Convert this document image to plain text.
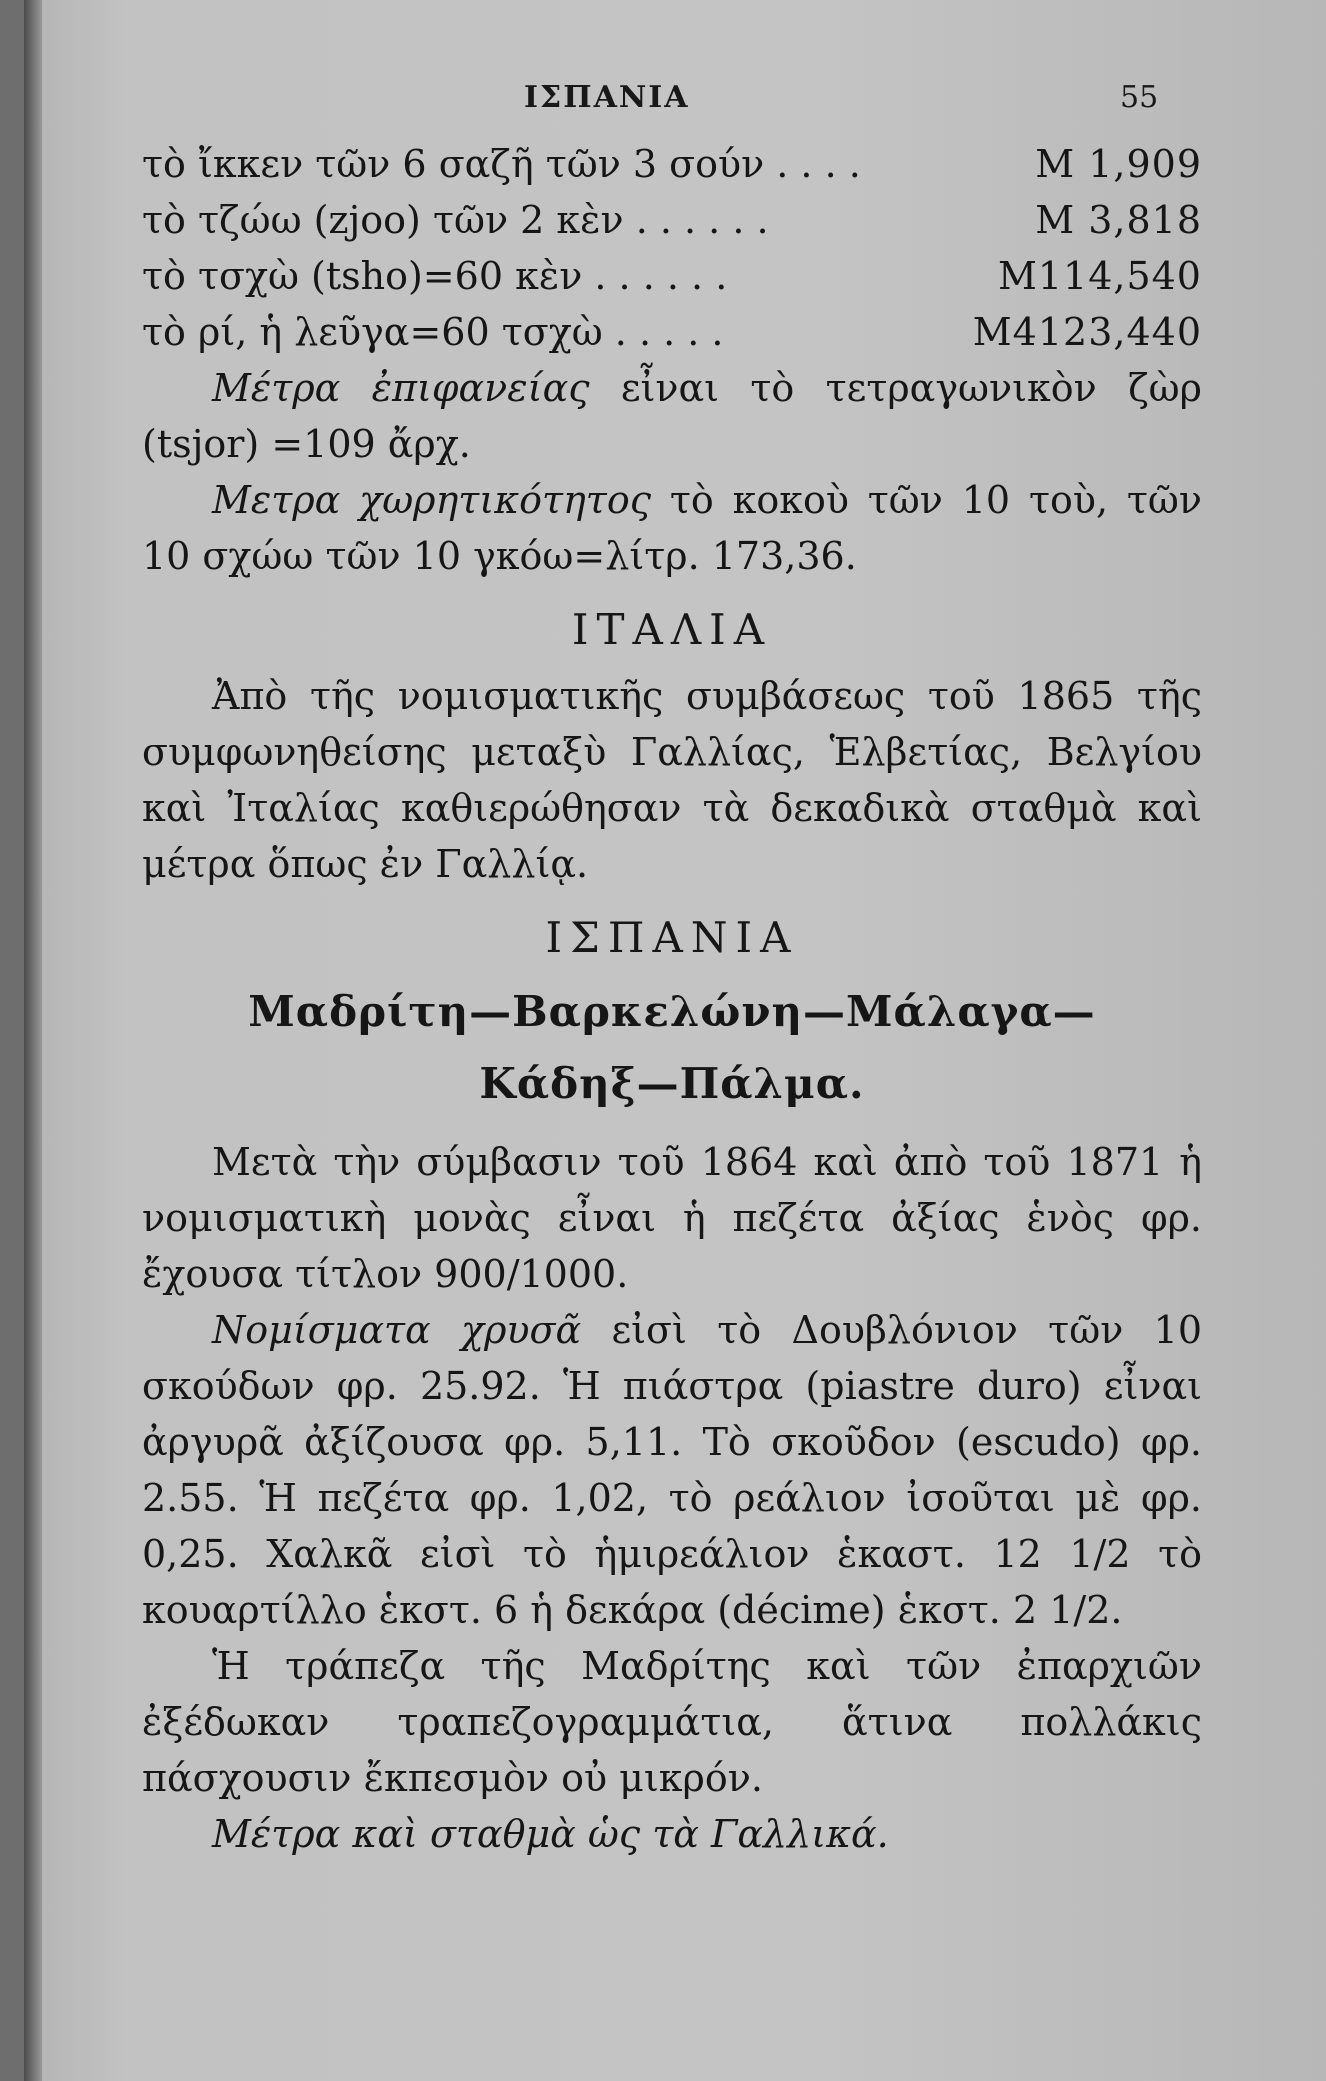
ΙΣΠΑΝΙΑ	55
τὸ ἴκκεν τῶν 6 σαζῆ τῶν 3 σούν . . . .	Μ 1,909
τὸ τζώω (zjoo) τῶν 2 κὲν . . . . . .	Μ 3,818
τὸ τσχὼ (tsho)=60 κὲν . . . . . .	Μ114,540
τὸ ρί, ἡ λεῦγα=60 τσχὼ . . . . .	Μ4123,440

Μέτρα ἐπιφανείας εἶναι τὸ τετραγωνικὸν ζὼρ (tsjor) =109 ἄρχ.

Μετρα χωρητικότητος τὸ κοκοὺ τῶν 10 τοὺ, τῶν 10 σχώω τῶν 10 γκόω=λίτρ. 173,36.

ΙΤΑΛΙΑ

Ἀπὸ τῆς νομισματικῆς συμβάσεως τοῦ 1865 τῆς συμφωνηθείσης μεταξὺ Γαλλίας, Ἑλβετίας, Βελγίου καὶ Ἰταλίας καθιερώθησαν τὰ δεκαδικὰ σταθμὰ καὶ μέτρα ὅπως ἐν Γαλλίᾳ.

ΙΣΠΑΝΙΑ
Μαδρίτη—Βαρκελώνη—Μάλαγα—
Κάδηξ—Πάλμα.

Μετὰ τὴν σύμβασιν τοῦ 1864 καὶ ἀπὸ τοῦ 1871 ἡ νομισματικὴ μονὰς εἶναι ἡ πεζέτα ἀξίας ἑνὸς φρ. ἔχουσα τίτλον 900/1000.

Νομίσματα χρυσᾶ εἰσὶ τὸ Δουβλόνιον τῶν 10 σκούδων φρ. 25.92. Ἡ πιάστρα (piastre duro) εἶναι ἀργυρᾶ ἀξίζουσα φρ. 5,11. Τὸ σκοῦδον (escudo) φρ. 2.55. Ἡ πεζέτα φρ. 1,02, τὸ ρεάλιον ἰσοῦται μὲ φρ. 0,25. Χαλκᾶ εἰσὶ τὸ ἡμιρεάλιον ἑκαστ. 12 1/2 τὸ κουαρτίλλο ἑκστ. 6 ἡ δεκάρα (décime) ἑκστ. 2 1/2.

Ἡ τράπεζα τῆς Μαδρίτης καὶ τῶν ἐπαρχιῶν ἐξέδωκαν τραπεζογραμμάτια, ἅτινα πολλάκις πάσχουσιν ἔκπεσμὸν οὐ μικρόν.

Μέτρα καὶ σταθμὰ ὡς τὰ Γαλλικά.
